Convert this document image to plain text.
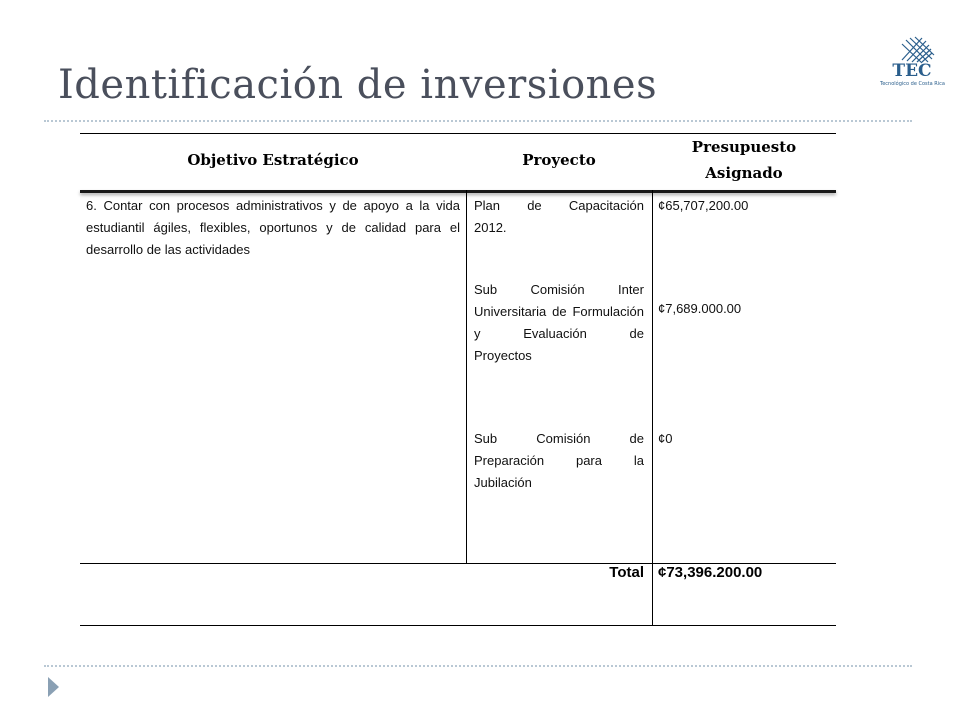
Identificación de inversiones	TEC
Tecnológico de Costa Rica
Objetivo Estratégico	Proyecto
Presupuesto
Asignado
6. Contar con procesos administrativos y de apoyo a la vida estudiantil ágiles, flexibles, oportunos y de calidad para el desarrollo de las actividades
Plan de Capacitación
2012.
Sub Comisión Inter Universitaria de Formulación y Evaluación de
Proyectos
Sub Comisión de Preparación para la
Jubilación
¢65,707,200.00
¢7,689.000.00
¢0
Total ¢73,396.200.00
